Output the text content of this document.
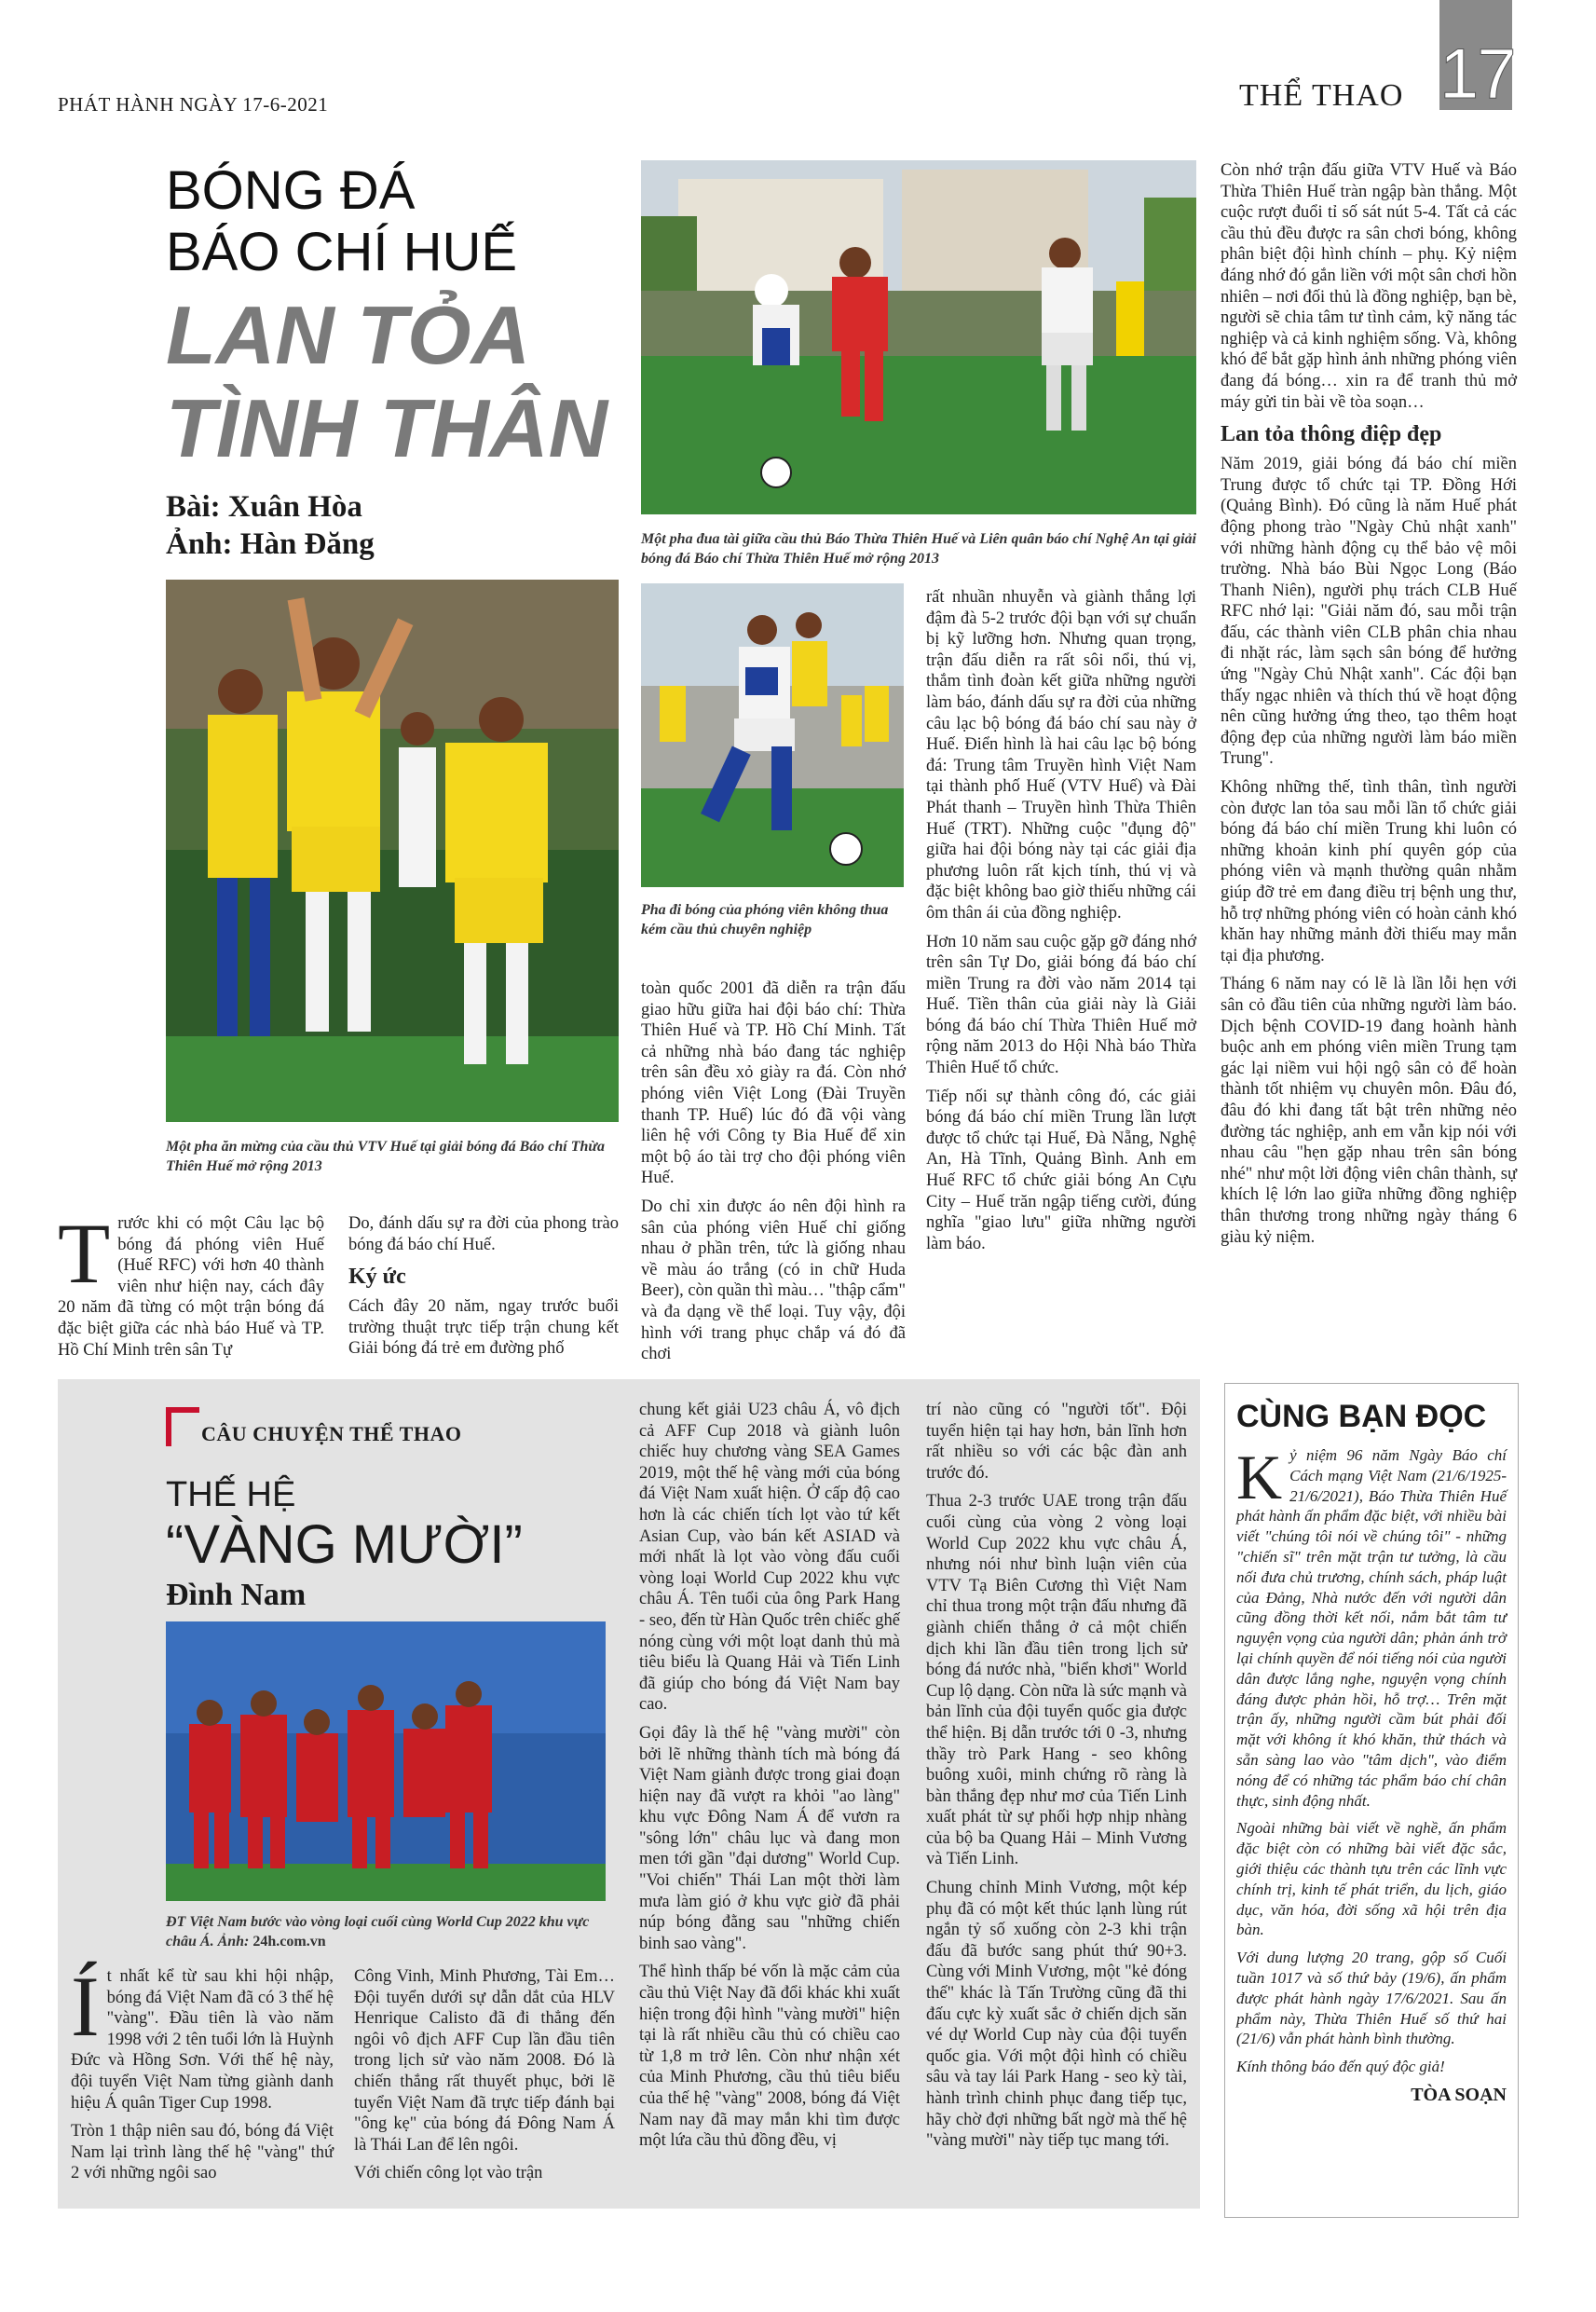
PHÁT HÀNH NGÀY 17-6-2021	THỂ THAO 17
BÓNG ĐÁ
BÁO CHÍ HUẾ
LAN TỎA
TÌNH THÂN
Bài: Xuân Hòa
Ảnh: Hàn Đăng	Một pha đua tài giữa cầu thủ Báo Thừa Thiên Huế và Liên quân báo chí Nghệ An tại giải bóng đá Báo chí Thừa Thiên Huế mở rộng 2013
Một pha ăn mừng của cầu thủ VTV Huế tại giải bóng đá Báo chí Thừa Thiên Huế mở rộng 2013
Pha đi bóng của phóng viên không thua kém cầu thủ chuyên nghiệp
T rước khi có một Câu lạc bộ bóng đá phóng viên Huế (Huế RFC) với hơn 40 thành viên như hiện nay, cách đây 20 năm đã từng có một trận bóng đá đặc biệt giữa các nhà báo Huế và TP. Hồ Chí Minh trên sân Tự

Do, đánh dấu sự ra đời của phong trào bóng đá báo chí Huế.

Ký ức

Cách đây 20 năm, ngay trước buổi trường thuật trực tiếp trận chung kết Giải bóng đá trẻ em đường phố

toàn quốc 2001 đã diễn ra trận đấu giao hữu giữa hai đội báo chí: Thừa Thiên Huế và TP. Hồ Chí Minh. Tất cả những nhà báo đang tác nghiệp trên sân đều xỏ giày ra đá. Còn nhớ phóng viên Việt Long (Đài Truyền thanh TP. Huế) lúc đó đã vội vàng liên hệ với Công ty Bia Huế để xin một bộ áo tài trợ cho đội phóng viên Huế.

Do chỉ xin được áo nên đội hình ra sân của phóng viên Huế chỉ giống nhau ở phần trên, tức là giống nhau về màu áo trắng (có in chữ Huda Beer), còn quần thì màu… "thập cẩm" và đa dạng về thể loại. Tuy vậy, đội hình với trang phục chắp vá đó đã chơi

rất nhuần nhuyễn và giành thắng lợi đậm đà 5-2 trước đội bạn với sự chuẩn bị kỹ lưỡng hơn. Nhưng quan trọng, trận đấu diễn ra rất sôi nổi, thú vị, thắm tình đoàn kết giữa những người làm báo, đánh dấu sự ra đời của những câu lạc bộ bóng đá báo chí sau này ở Huế. Điển hình là hai câu lạc bộ bóng đá: Trung tâm Truyền hình Việt Nam tại thành phố Huế (VTV Huế) và Đài Phát thanh – Truyền hình Thừa Thiên Huế (TRT). Những cuộc "đụng độ" giữa hai đội bóng này tại các giải địa phương luôn rất kịch tính, thú vị và đặc biệt không bao giờ thiếu những cái ôm thân ái của đồng nghiệp.

Hơn 10 năm sau cuộc gặp gỡ đáng nhớ trên sân Tự Do, giải bóng đá báo chí miền Trung ra đời vào năm 2014 tại Huế. Tiền thân của giải này là Giải bóng đá báo chí Thừa Thiên Huế mở rộng năm 2013 do Hội Nhà báo Thừa Thiên Huế tổ chức.

Tiếp nối sự thành công đó, các giải bóng đá báo chí miền Trung lần lượt được tổ chức tại Huế, Đà Nẵng, Nghệ An, Hà Tĩnh, Quảng Bình. Anh em Huế RFC tổ chức giải bóng An Cựu City – Huế trăn ngập tiếng cười, đúng nghĩa "giao lưu" giữa những người làm báo.

Còn nhớ trận đấu giữa VTV Huế và Báo Thừa Thiên Huế tràn ngập bàn thắng. Một cuộc rượt đuổi tỉ số sát nút 5-4. Tất cả các cầu thủ đều được ra sân chơi bóng, không phân biệt đội hình chính – phụ. Kỷ niệm đáng nhớ đó gắn liền với một sân chơi hồn nhiên – nơi đối thủ là đồng nghiệp, bạn bè, người sẽ chia tâm tư tình cảm, kỹ năng tác nghiệp và cả kinh nghiệm sống. Và, không khó để bắt gặp hình ảnh những phóng viên đang đá bóng… xin ra để tranh thủ mở máy gửi tin bài về tòa soạn…

Lan tỏa thông điệp đẹp

Năm 2019, giải bóng đá báo chí miền Trung được tổ chức tại TP. Đồng Hới (Quảng Bình). Đó cũng là năm Huế phát động phong trào "Ngày Chủ nhật xanh" với những hành động cụ thể bảo vệ môi trường. Nhà báo Bùi Ngọc Long (Báo Thanh Niên), người phụ trách CLB Huế RFC nhớ lại: "Giải năm đó, sau mỗi trận đấu, các thành viên CLB phân chia nhau đi nhặt rác, làm sạch sân bóng để hưởng ứng "Ngày Chủ Nhật xanh". Các đội bạn thấy ngạc nhiên và thích thú về hoạt động nên cũng hưởng ứng theo, tạo thêm hoạt động đẹp của những người làm báo miền Trung".

Không những thế, tình thân, tình người còn được lan tỏa sau mỗi lần tổ chức giải bóng đá báo chí miền Trung khi luôn có những khoản kinh phí quyên góp của phóng viên và mạnh thường quân nhằm giúp đỡ trẻ em đang điều trị bệnh ung thư, hỗ trợ những phóng viên có hoàn cảnh khó khăn hay những mảnh đời thiếu may mắn tại địa phương.

Tháng 6 năm nay có lẽ là lần lỗi hẹn với sân cỏ đầu tiên của những người làm báo. Dịch bệnh COVID-19 đang hoành hành buộc anh em phóng viên miền Trung tạm gác lại niềm vui hội ngộ sân cỏ để hoàn thành tốt nhiệm vụ chuyên môn. Đâu đó, đâu đó khi đang tất bật trên những nẻo đường tác nghiệp, anh em vẫn kịp nói với nhau câu "hẹn gặp nhau trên sân bóng nhé" như một lời động viên chân thành, sự khích lệ lớn lao giữa những đồng nghiệp thân thương trong những ngày tháng 6 giàu kỷ niệm.

CÂU CHUYỆN THỂ THAO
THẾ HỆ
“VÀNG MƯỜI”
Đình Nam
ĐT Việt Nam bước vào vòng loại cuối cùng World Cup 2022 khu vực châu Á. Ảnh: 24h.com.vn
Í t nhất kể từ sau khi hội nhập, bóng đá Việt Nam đã có 3 thế hệ "vàng". Đầu tiên là vào năm 1998 với 2 tên tuổi lớn là Huỳnh Đức và Hồng Sơn. Với thế hệ này, đội tuyển Việt Nam từng giành danh hiệu Á quân Tiger Cup 1998.

Tròn 1 thập niên sau đó, bóng đá Việt Nam lại trình làng thế hệ "vàng" thứ 2 với những ngôi sao

Công Vinh, Minh Phương, Tài Em… Đội tuyển dưới sự dẫn dắt của HLV Henrique Calisto đã đi thẳng đến ngôi vô địch AFF Cup lần đầu tiên trong lịch sử vào năm 2008. Đó là chiến thắng rất thuyết phục, bởi lẽ tuyển Việt Nam đã trực tiếp đánh bại "ông kẹ" của bóng đá Đông Nam Á là Thái Lan để lên ngôi.

Với chiến công lọt vào trận

chung kết giải U23 châu Á, vô địch cả AFF Cup 2018 và giành luôn chiếc huy chương vàng SEA Games 2019, một thế hệ vàng mới của bóng đá Việt Nam xuất hiện. Ở cấp độ cao hơn là các chiến tích lọt vào tứ kết Asian Cup, vào bán kết ASIAD và mới nhất là lọt vào vòng đấu cuối vòng loại World Cup 2022 khu vực châu Á. Tên tuổi của ông Park Hang - seo, đến từ Hàn Quốc trên chiếc ghế nóng cùng với một loạt danh thủ mà tiêu biểu là Quang Hải và Tiến Linh đã giúp cho bóng đá Việt Nam bay cao.

Gọi đây là thế hệ "vàng mười" còn bởi lẽ những thành tích mà bóng đá Việt Nam giành được trong giai đoạn hiện nay đã vượt ra khỏi "ao làng" khu vực Đông Nam Á để vươn ra "sông lớn" châu lục và đang mon men tới gần "đại dương" World Cup. "Voi chiến" Thái Lan một thời làm mưa làm gió ở khu vực giờ đã phải núp bóng đằng sau "những chiến binh sao vàng".

Thể hình thấp bé vốn là mặc cảm của cầu thủ Việt Nay đã đổi khác khi xuất hiện trong đội hình "vàng mười" hiện tại là rất nhiều cầu thủ có chiều cao từ 1,8 m trở lên. Còn như nhận xét của Minh Phương, cầu thủ tiêu biểu của thế hệ "vàng" 2008, bóng đá Việt Nam nay đã may mắn khi tìm được một lứa cầu thủ đồng đều, vị

trí nào cũng có "người tốt". Đội tuyển hiện tại hay hơn, bản lĩnh hơn rất nhiều so với các bậc đàn anh trước đó.

Thua 2-3 trước UAE trong trận đấu cuối cùng của vòng 2 vòng loại World Cup 2022 khu vực châu Á, nhưng nói như bình luận viên của VTV Tạ Biên Cương thì Việt Nam chỉ thua trong một trận đấu nhưng đã giành chiến thắng ở cả một chiến dịch khi lần đầu tiên trong lịch sử bóng đá nước nhà, "biển khơi" World Cup lộ dạng. Còn nữa là sức mạnh và bản lĩnh của đội tuyển quốc gia được thể hiện. Bị dẫn trước tới 0 -3, nhưng thầy trò Park Hang - seo không buông xuôi, minh chứng rõ ràng là bàn thắng đẹp như mơ của Tiến Linh xuất phát từ sự phối hợp nhịp nhàng của bộ ba Quang Hải – Minh Vương và Tiến Linh.

Chung chỉnh Minh Vương, một kép phụ đã có một kết thúc lạnh lùng rút ngắn tỷ số xuống còn 2-3 khi trận đấu đã bước sang phút thứ 90+3. Cùng với Minh Vương, một "kẻ đóng thế" khác là Tấn Trường cũng đã thi đấu cực kỳ xuất sắc ở chiến dịch săn vé dự World Cup này của đội tuyển quốc gia. Với một đội hình có chiều sâu và tay lái Park Hang - seo kỳ tài, hành trình chinh phục đang tiếp tục, hãy chờ đợi những bất ngờ mà thế hệ "vàng mười" này tiếp tục mang tới.

CÙNG BẠN ĐỌC
K ỷ niệm 96 năm Ngày Báo chí Cách mạng Việt Nam (21/6/1925-21/6/2021), Báo Thừa Thiên Huế phát hành ấn phẩm đặc biệt, với nhiều bài viết "chúng tôi nói về chúng tôi" - những "chiến sĩ" trên mặt trận tư tưởng, là cầu nối đưa chủ trương, chính sách, pháp luật của Đảng, Nhà nước đến với người dân cũng đồng thời kết nối, nắm bắt tâm tư nguyện vọng của người dân; phản ánh trở lại chính quyền để nói tiếng nói của người dân được lắng nghe, nguyện vọng chính đáng được phản hồi, hỗ trợ… Trên mặt trận ấy, những người cầm bút phải đối mặt với không ít khó khăn, thử thách và sẵn sàng lao vào "tâm dịch", vào điểm nóng để có những tác phẩm báo chí chân thực, sinh động nhất.

Ngoài những bài viết về nghề, ấn phẩm đặc biệt còn có những bài viết đặc sắc, giới thiệu các thành tựu trên các lĩnh vực chính trị, kinh tế phát triển, du lịch, giáo dục, văn hóa, đời sống xã hội trên địa bàn.

Với dung lượng 20 trang, gộp số Cuối tuần 1017 và số thứ bảy (19/6), ấn phẩm được phát hành ngày 17/6/2021. Sau ấn phẩm này, Thừa Thiên Huế số thứ hai (21/6) vẫn phát hành bình thường.

Kính thông báo đến quý độc giả!

TÒA SOẠN
